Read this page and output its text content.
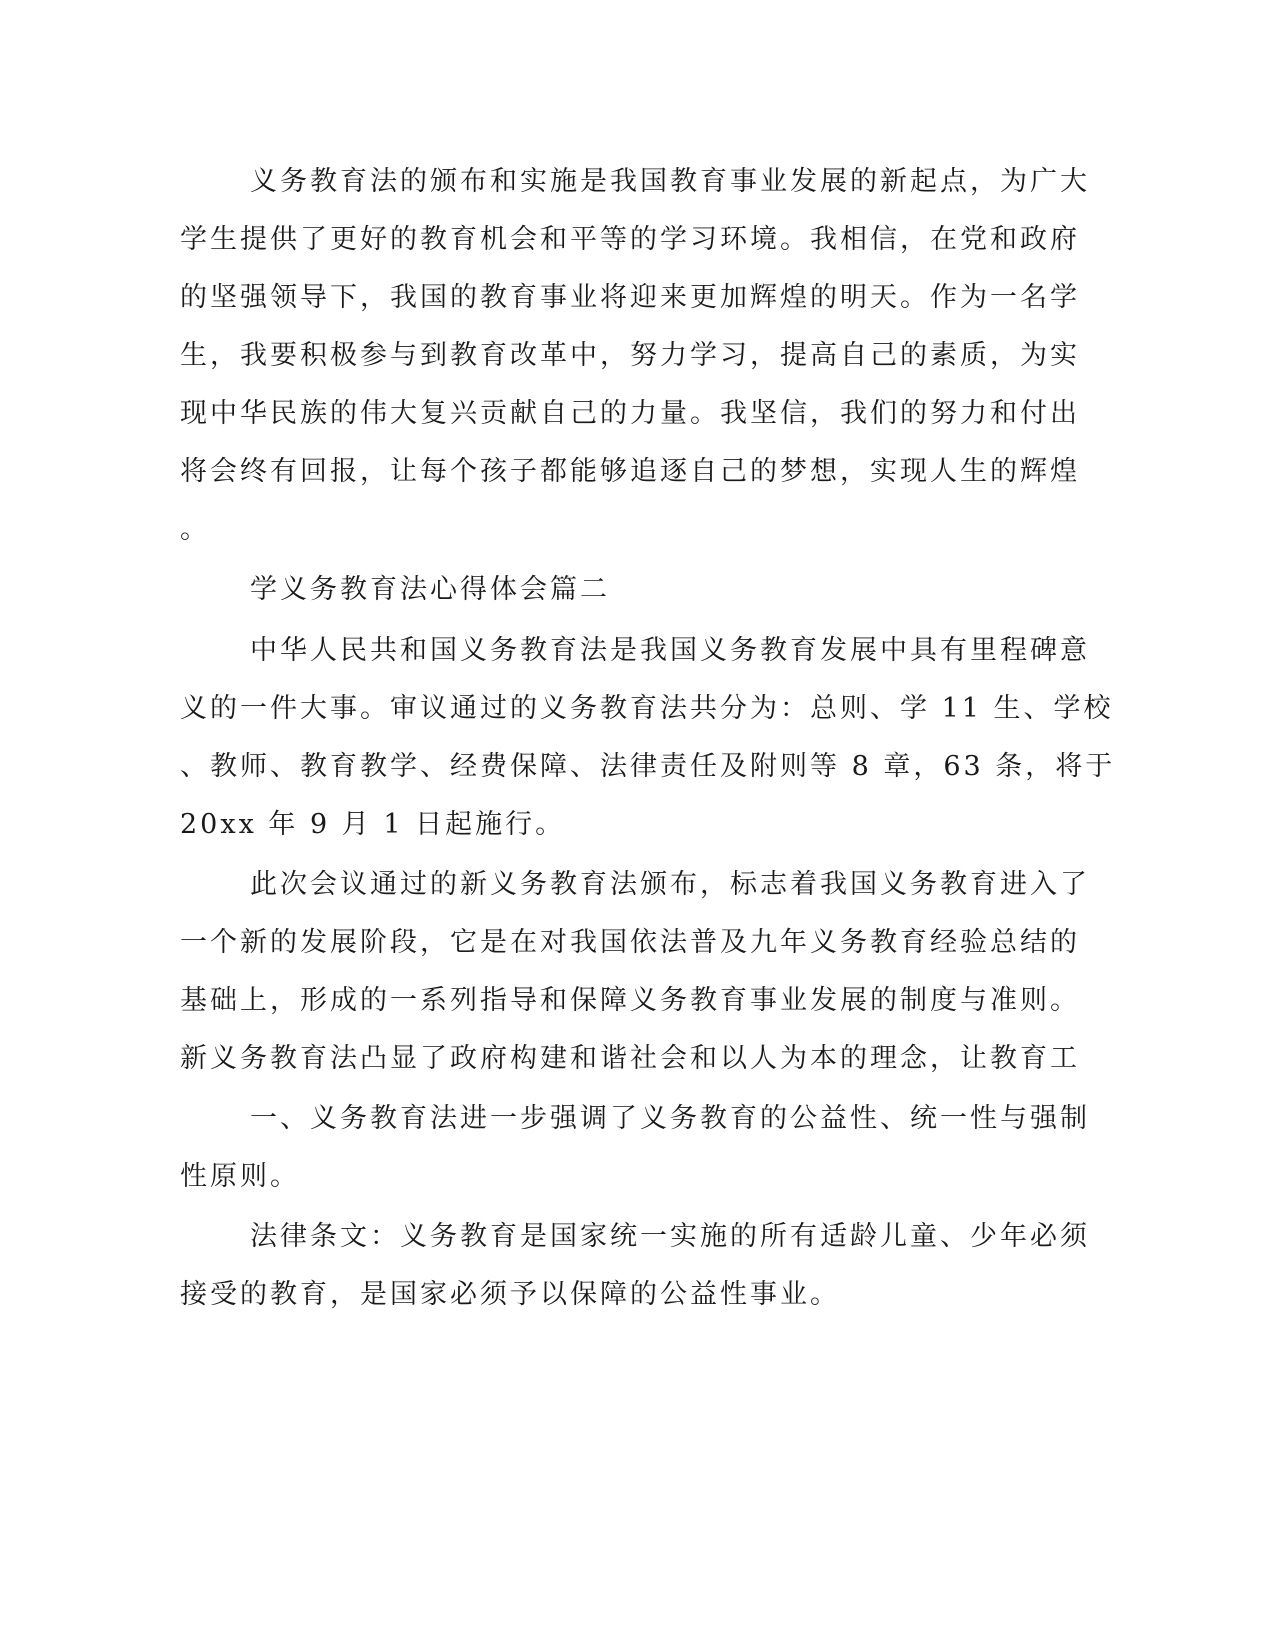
义务教育法的颁布和实施是我国教育事业发展的新起点，为广大
学生提供了更好的教育机会和平等的学习环境。我相信，在党和政府
的坚强领导下，我国的教育事业将迎来更加辉煌的明天。作为一名学
生，我要积极参与到教育改革中，努力学习，提高自己的素质，为实
现中华民族的伟大复兴贡献自己的力量。我坚信，我们的努力和付出
将会终有回报，让每个孩子都能够追逐自己的梦想，实现人生的辉煌
。
学义务教育法心得体会篇二
中华人民共和国义务教育法是我国义务教育发展中具有里程碑意
义的一件大事。审议通过的义务教育法共分为：总则、学 11 生、学校
、教师、教育教学、经费保障、法律责任及附则等 8 章，63 条，将于
20xx 年 9 月 1 日起施行。
此次会议通过的新义务教育法颁布，标志着我国义务教育进入了
一个新的发展阶段，它是在对我国依法普及九年义务教育经验总结的
基础上，形成的一系列指导和保障义务教育事业发展的制度与准则。
新义务教育法凸显了政府构建和谐社会和以人为本的理念，让教育工
一、义务教育法进一步强调了义务教育的公益性、统一性与强制
性原则。
法律条文：义务教育是国家统一实施的所有适龄儿童、少年必须
接受的教育，是国家必须予以保障的公益性事业。
